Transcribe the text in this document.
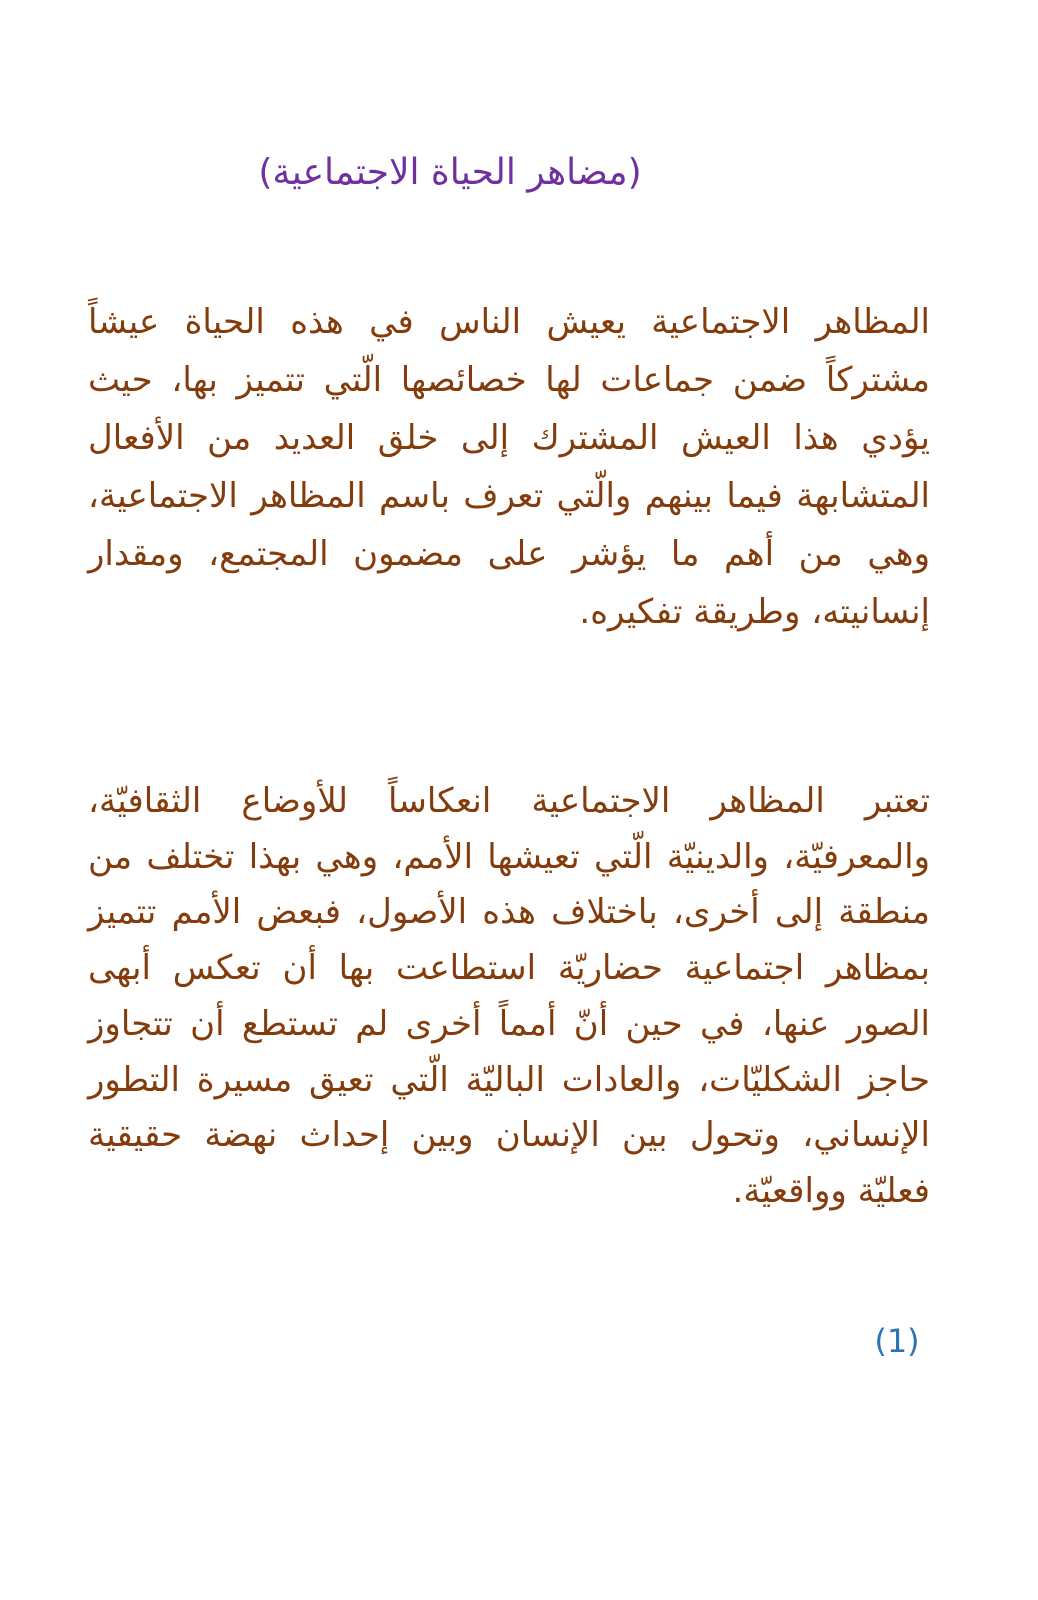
(مضاهر الحياة الاجتماعية)

المظاهر الاجتماعية يعيش الناس في هذه الحياة عيشاً مشتركاً ضمن جماعات لها خصائصها الّتي تتميز بها، حيث يؤدي هذا العيش المشترك إلى خلق العديد من الأفعال المتشابهة فيما بينهم والّتي تعرف باسم المظاهر الاجتماعية، وهي من أهم ما يؤشر على مضمون المجتمع، ومقدار إنسانيته، وطريقة تفكيره.

تعتبر المظاهر الاجتماعية انعكاساً للأوضاع الثقافيّة، والمعرفيّة، والدينيّة الّتي تعيشها الأمم، وهي بهذا تختلف من منطقة إلى أخرى، باختلاف هذه الأصول، فبعض الأمم تتميز بمظاهر اجتماعية حضاريّة استطاعت بها أن تعكس أبهى الصور عنها، في حين أنّ أمماً أخرى لم تستطع أن تتجاوز حاجز الشكليّات، والعادات الباليّة الّتي تعيق مسيرة التطور الإنساني، وتحول بين الإنسان وبين إحداث نهضة حقيقية فعليّة وواقعيّة.

(1)
